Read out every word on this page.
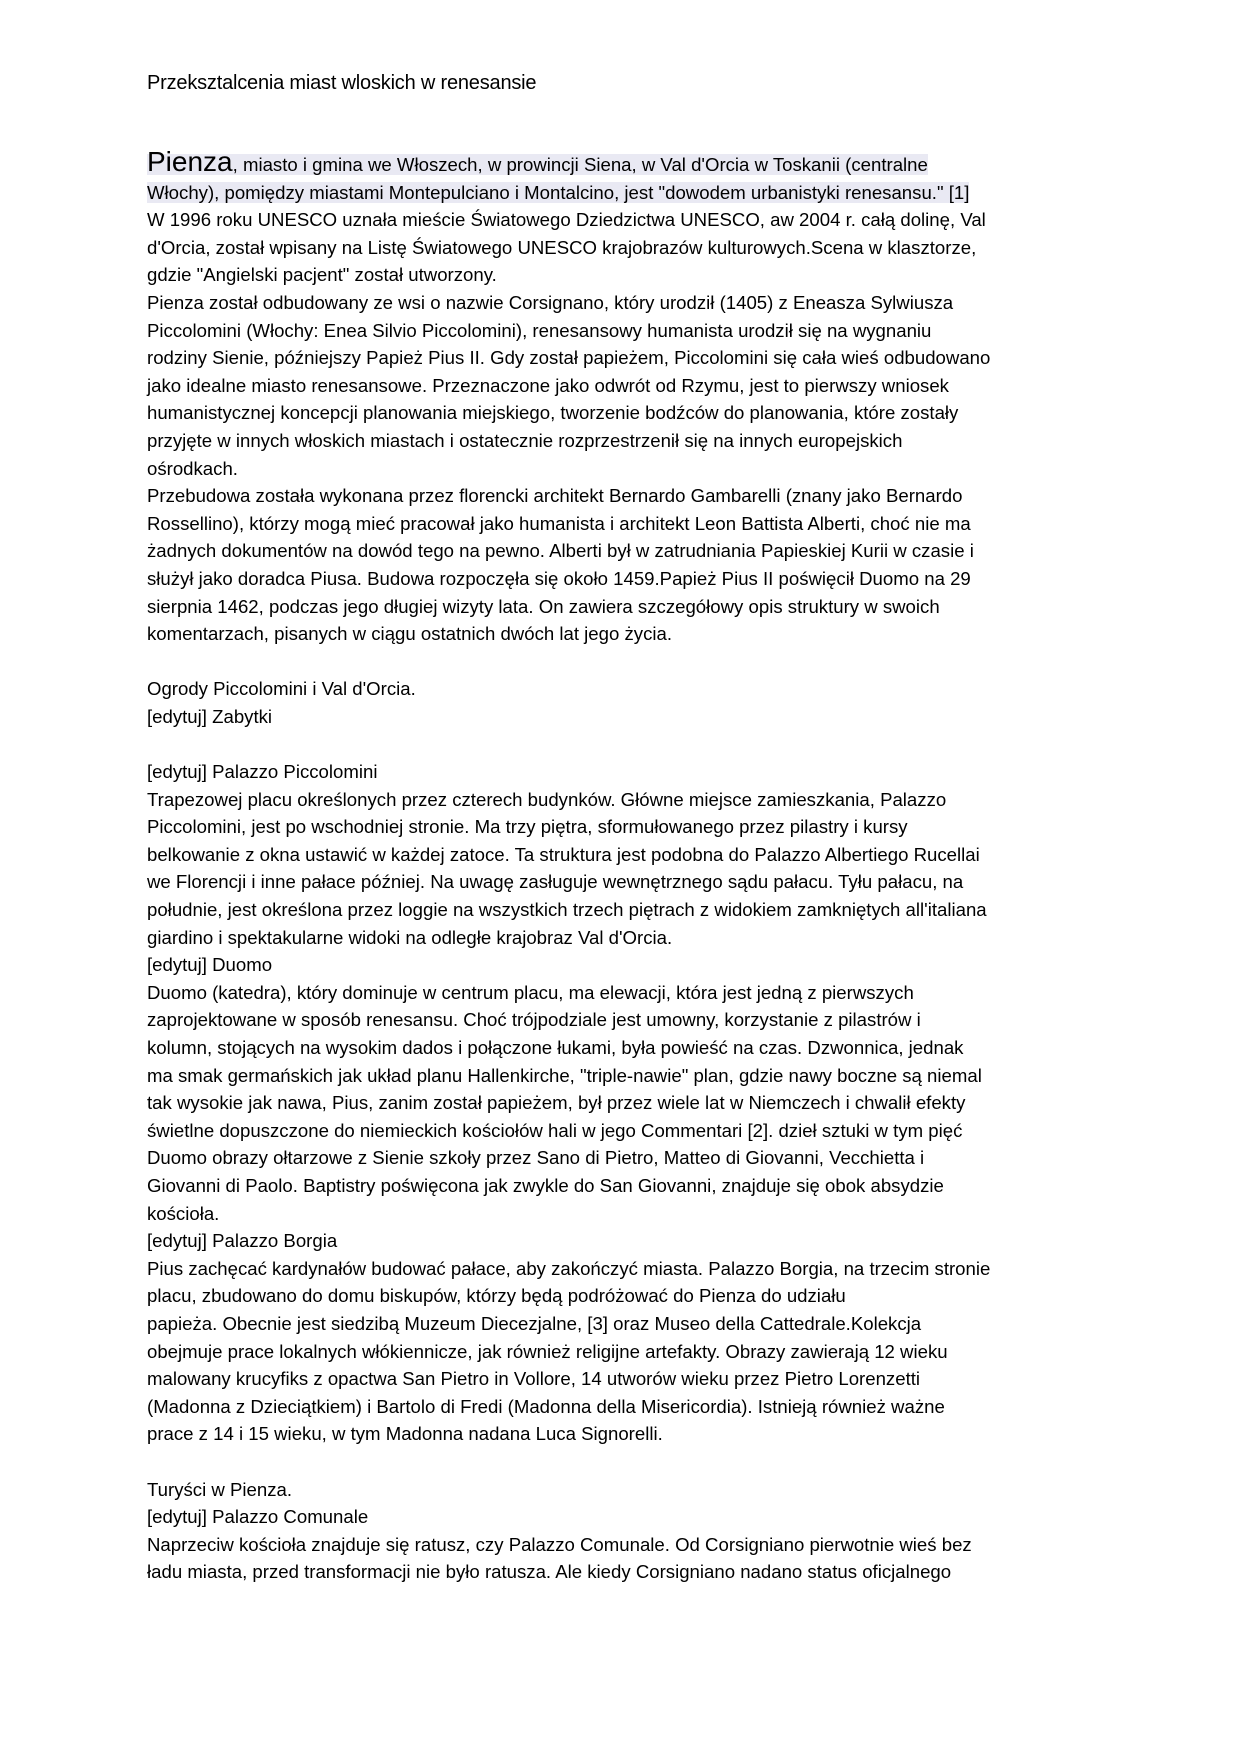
Przeksztalcenia miast wloskich w renesansie

Pienza, miasto i gmina we Włoszech, w prowincji Siena, w Val d'Orcia w Toskanii (centralne

Włochy), pomiędzy miastami Montepulciano i Montalcino, jest "dowodem urbanistyki renesansu." [1]

W 1996 roku UNESCO uznała mieście Światowego Dziedzictwa UNESCO, aw 2004 r. całą dolinę, Val

d'Orcia, został wpisany na Listę Światowego UNESCO krajobrazów kulturowych.Scena w klasztorze,

gdzie "Angielski pacjent" został utworzony.

Pienza został odbudowany ze wsi o nazwie Corsignano, który urodził (1405) z Eneasza Sylwiusza

Piccolomini (Włochy: Enea Silvio Piccolomini), renesansowy humanista urodził się na wygnaniu

rodziny Sienie, późniejszy Papież Pius II. Gdy został papieżem, Piccolomini się cała wieś odbudowano

jako idealne miasto renesansowe. Przeznaczone jako odwrót od Rzymu, jest to pierwszy wniosek

humanistycznej koncepcji planowania miejskiego, tworzenie bodźców do planowania, które zostały

przyjęte w innych włoskich miastach i ostatecznie rozprzestrzenił się na innych europejskich

ośrodkach.

Przebudowa została wykonana przez florencki architekt Bernardo Gambarelli (znany jako Bernardo

Rossellino), którzy mogą mieć pracował jako humanista i architekt Leon Battista Alberti, choć nie ma

żadnych dokumentów na dowód tego na pewno. Alberti był w zatrudniania Papieskiej Kurii w czasie i

służył jako doradca Piusa. Budowa rozpoczęła się około 1459.Papież Pius II poświęcił Duomo na 29

sierpnia 1462, podczas jego długiej wizyty lata. On zawiera szczegółowy opis struktury w swoich

komentarzach, pisanych w ciągu ostatnich dwóch lat jego życia.

Ogrody Piccolomini i Val d'Orcia.

[edytuj] Zabytki

[edytuj] Palazzo Piccolomini

Trapezowej placu określonych przez czterech budynków. Główne miejsce zamieszkania, Palazzo

Piccolomini, jest po wschodniej stronie. Ma trzy piętra, sformułowanego przez pilastry i kursy

belkowanie z okna ustawić w każdej zatoce. Ta struktura jest podobna do Palazzo Albertiego Rucellai

we Florencji i inne pałace później. Na uwagę zasługuje wewnętrznego sądu pałacu. Tyłu pałacu, na

południe, jest określona przez loggie na wszystkich trzech piętrach z widokiem zamkniętych all'italiana

giardino i spektakularne widoki na odległe krajobraz Val d'Orcia.

[edytuj] Duomo

Duomo (katedra), który dominuje w centrum placu, ma elewacji, która jest jedną z pierwszych

zaprojektowane w sposób renesansu. Choć trójpodziale jest umowny, korzystanie z pilastrów i

kolumn, stojących na wysokim dados i połączone łukami, była powieść na czas. Dzwonnica, jednak

ma smak germańskich jak układ planu Hallenkirche, "triple-nawie" plan, gdzie nawy boczne są niemal

tak wysokie jak nawa, Pius, zanim został papieżem, był przez wiele lat w Niemczech i chwalił efekty

świetlne dopuszczone do niemieckich kościołów hali w jego Commentari [2]. dzieł sztuki w tym pięć

Duomo obrazy ołtarzowe z Sienie szkoły przez Sano di Pietro, Matteo di Giovanni, Vecchietta i

Giovanni di Paolo. Baptistry poświęcona jak zwykle do San Giovanni, znajduje się obok absydzie

kościoła.

[edytuj] Palazzo Borgia

Pius zachęcać kardynałów budować pałace, aby zakończyć miasta. Palazzo Borgia, na trzecim stronie

placu, zbudowano do domu biskupów, którzy będą podróżować do Pienza do udziału

papieża. Obecnie jest siedzibą Muzeum Diecezjalne, [3] oraz Museo della Cattedrale.Kolekcja

obejmuje prace lokalnych włókiennicze, jak również religijne artefakty. Obrazy zawierają 12 wieku

malowany krucyfiks z opactwa San Pietro in Vollore, 14 utworów wieku przez Pietro Lorenzetti

(Madonna z Dzieciątkiem) i Bartolo di Fredi (Madonna della Misericordia). Istnieją również ważne

prace z 14 i 15 wieku, w tym Madonna nadana Luca Signorelli.

Turyści w Pienza.

[edytuj] Palazzo Comunale

Naprzeciw kościoła znajduje się ratusz, czy Palazzo Comunale. Od Corsigniano pierwotnie wieś bez

ładu miasta, przed transformacji nie było ratusza. Ale kiedy Corsigniano nadano status oficjalnego
